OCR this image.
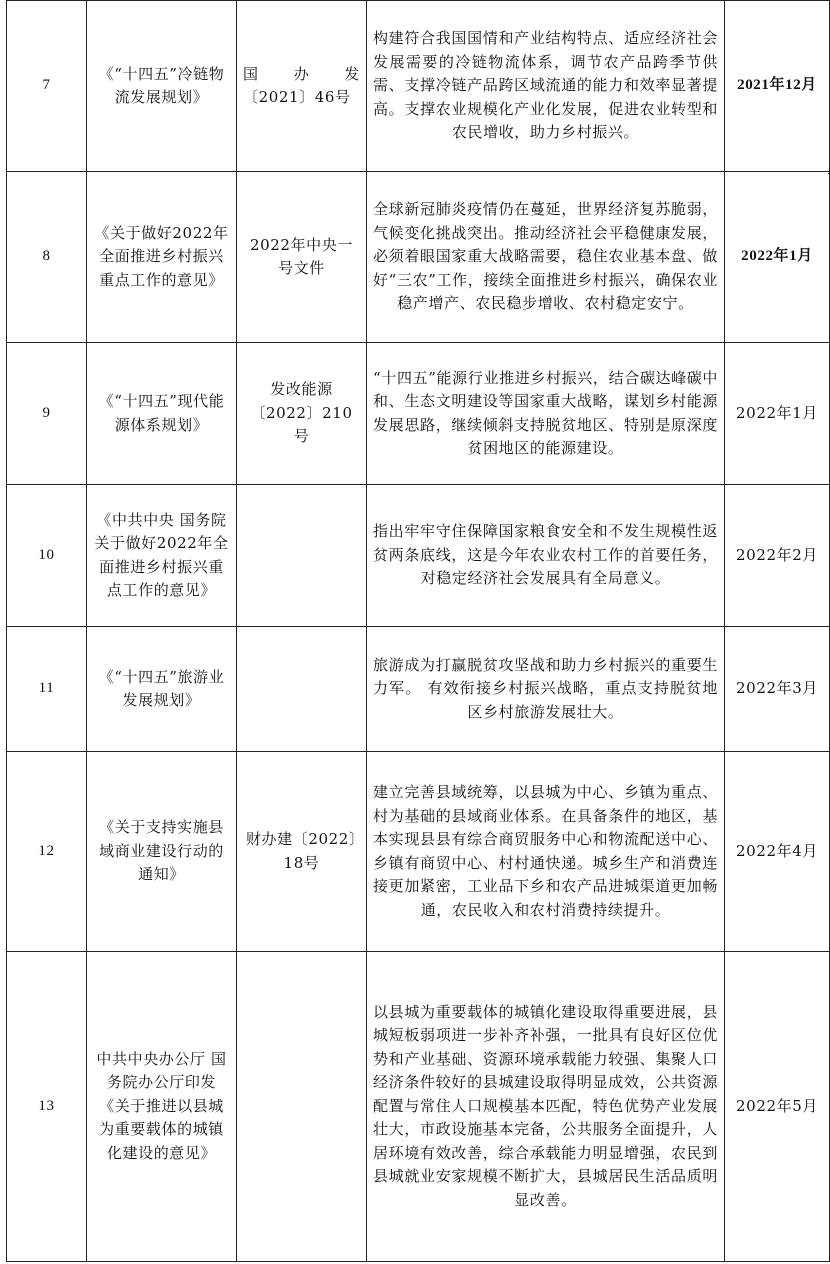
7	《“十四五”冷链物流发展规划》	国 办 发〔2021〕46号	构建符合我国国情和产业结构特点、适应经济社会发展需要的冷链物流体系，调节农产品跨季节供需、支撑冷链产品跨区域流通的能力和效率显著提高。支撑农业规模化产业化发展，促进农业转型和农民增收，助力乡村振兴。	2021年12月
8	《关于做好2022年全面推进乡村振兴重点工作的意见》	2022年中央一号文件	全球新冠肺炎疫情仍在蔓延，世界经济复苏脆弱，气候变化挑战突出。推动经济社会平稳健康发展，必须着眼国家重大战略需要，稳住农业基本盘、做好“三农”工作，接续全面推进乡村振兴，确保农业稳产增产、农民稳步增收、农村稳定安宁。	2022年1月
9	《“十四五”现代能源体系规划》	发改能源〔2022〕210号	“十四五”能源行业推进乡村振兴，结合碳达峰碳中和、生态文明建设等国家重大战略，谋划乡村能源发展思路，继续倾斜支持脱贫地区、特别是原深度贫困地区的能源建设。	2022年1月
10	《中共中央 国务院关于做好2022年全面推进乡村振兴重点工作的意见》		指出牢牢守住保障国家粮食安全和不发生规模性返贫两条底线，这是今年农业农村工作的首要任务，对稳定经济社会发展具有全局意义。	2022年2月
11	《“十四五”旅游业发展规划》		旅游成为打赢脱贫攻坚战和助力乡村振兴的重要生力军。 有效衔接乡村振兴战略，重点支持脱贫地区乡村旅游发展壮大。	2022年3月
12	《关于支持实施县域商业建设行动的通知》	财办建〔2022〕18号	建立完善县域统筹，以县城为中心、乡镇为重点、村为基础的县域商业体系。在具备条件的地区，基本实现县县有综合商贸服务中心和物流配送中心、乡镇有商贸中心、村村通快递。城乡生产和消费连接更加紧密，工业品下乡和农产品进城渠道更加畅通，农民收入和农村消费持续提升。	2022年4月
13	中共中央办公厅 国务院办公厅印发《关于推进以县城为重要载体的城镇化建设的意见》		以县城为重要载体的城镇化建设取得重要进展，县城短板弱项进一步补齐补强，一批具有良好区位优势和产业基础、资源环境承载能力较强、集聚人口经济条件较好的县城建设取得明显成效，公共资源配置与常住人口规模基本匹配，特色优势产业发展壮大，市政设施基本完备，公共服务全面提升，人居环境有效改善，综合承载能力明显增强，农民到县城就业安家规模不断扩大，县城居民生活品质明显改善。	2022年5月
